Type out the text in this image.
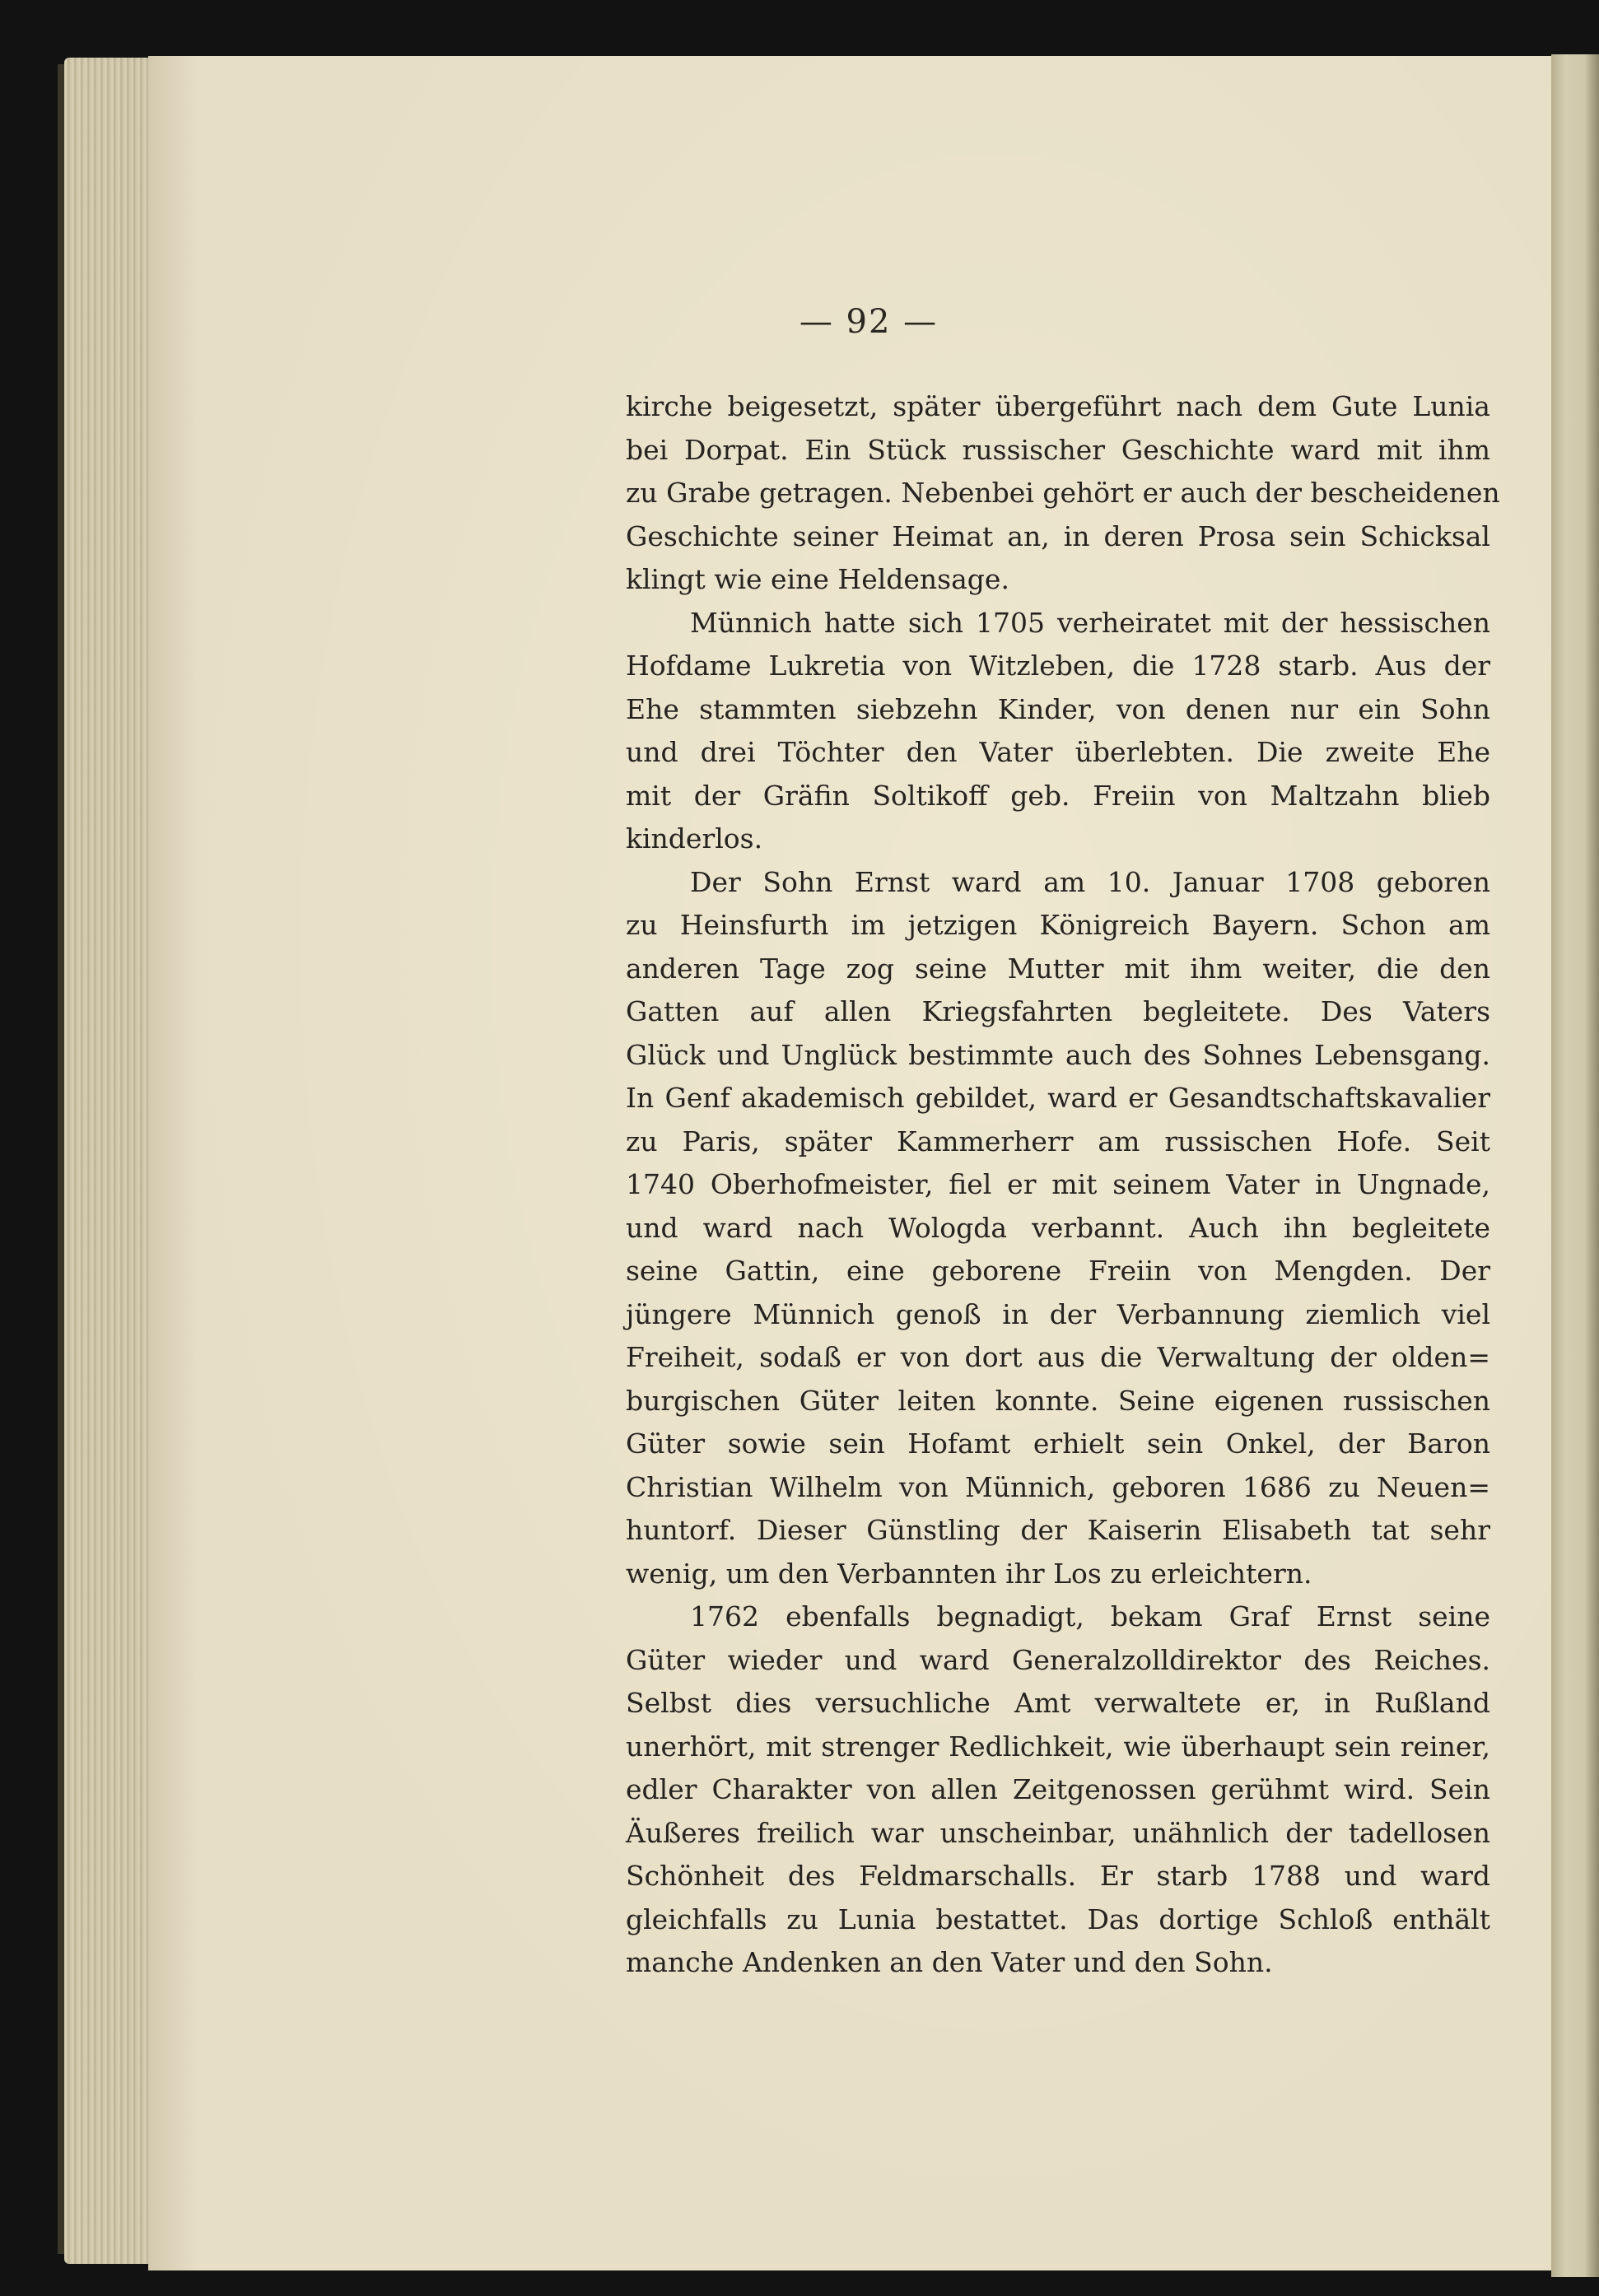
— 92 —
kirche beigesetzt, später übergeführt nach dem Gute Lunia
bei Dorpat. Ein Stück russischer Geschichte ward mit ihm
zu Grabe getragen. Nebenbei gehört er auch der bescheidenen
Geschichte seiner Heimat an, in deren Prosa sein Schicksal
klingt wie eine Heldensage.
Münnich hatte sich 1705 verheiratet mit der hessischen
Hofdame Lukretia von Witzleben, die 1728 starb. Aus der
Ehe stammten siebzehn Kinder, von denen nur ein Sohn
und drei Töchter den Vater überlebten. Die zweite Ehe
mit der Gräfin Soltikoff geb. Freiin von Maltzahn blieb
kinderlos.
Der Sohn Ernst ward am 10. Januar 1708 geboren
zu Heinsfurth im jetzigen Königreich Bayern. Schon am
anderen Tage zog seine Mutter mit ihm weiter, die den
Gatten auf allen Kriegsfahrten begleitete. Des Vaters
Glück und Unglück bestimmte auch des Sohnes Lebensgang.
In Genf akademisch gebildet, ward er Gesandtschaftskavalier
zu Paris, später Kammerherr am russischen Hofe. Seit
1740 Oberhofmeister, fiel er mit seinem Vater in Ungnade,
und ward nach Wologda verbannt. Auch ihn begleitete
seine Gattin, eine geborene Freiin von Mengden. Der
jüngere Münnich genoß in der Verbannung ziemlich viel
Freiheit, sodaß er von dort aus die Verwaltung der olden=
burgischen Güter leiten konnte. Seine eigenen russischen
Güter sowie sein Hofamt erhielt sein Onkel, der Baron
Christian Wilhelm von Münnich, geboren 1686 zu Neuen=
huntorf. Dieser Günstling der Kaiserin Elisabeth tat sehr
wenig, um den Verbannten ihr Los zu erleichtern.
1762 ebenfalls begnadigt, bekam Graf Ernst seine
Güter wieder und ward Generalzolldirektor des Reiches.
Selbst dies versuchliche Amt verwaltete er, in Rußland
unerhört, mit strenger Redlichkeit, wie überhaupt sein reiner,
edler Charakter von allen Zeitgenossen gerühmt wird. Sein
Äußeres freilich war unscheinbar, unähnlich der tadellosen
Schönheit des Feldmarschalls. Er starb 1788 und ward
gleichfalls zu Lunia bestattet. Das dortige Schloß enthält
manche Andenken an den Vater und den Sohn.
